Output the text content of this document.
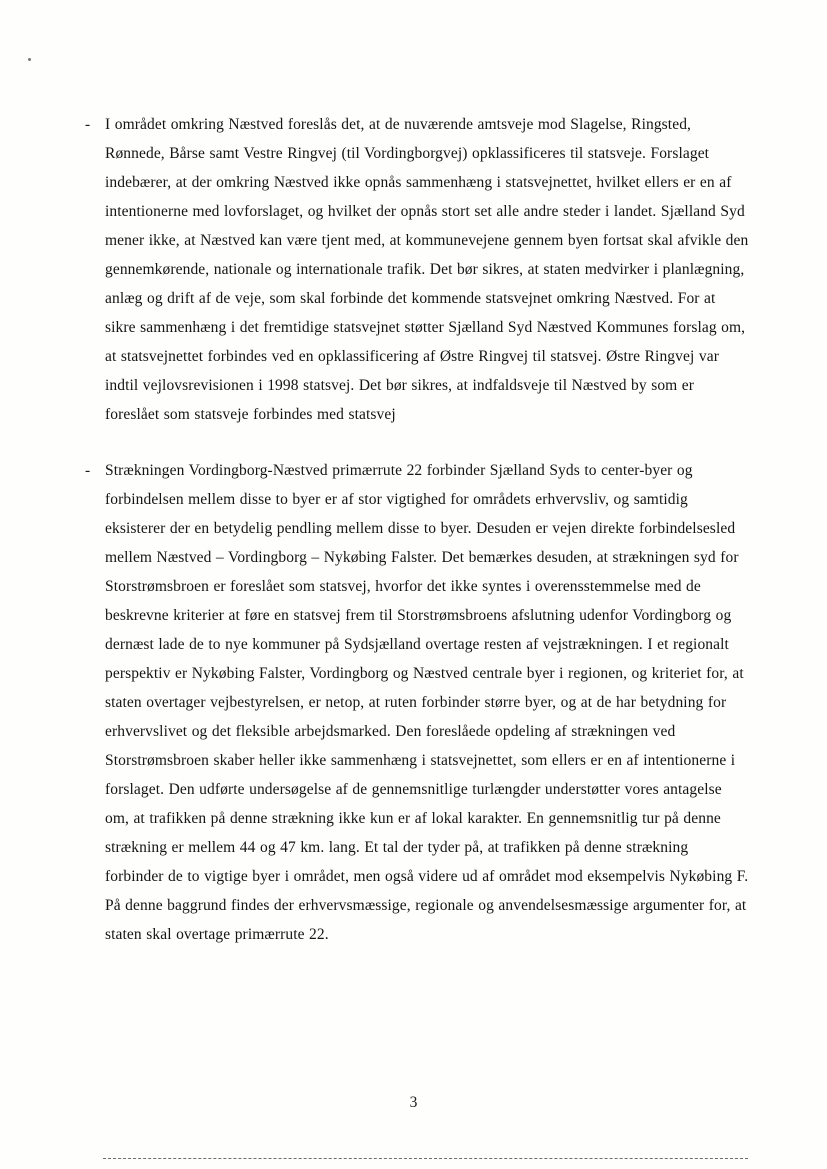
- I området omkring Næstved foreslås det, at de nuværende amtsveje mod Slagelse, Ringsted, Rønnede, Bårse samt Vestre Ringvej (til Vordingborgvej) opklassificeres til statsveje. Forslaget indebærer, at der omkring Næstved ikke opnås sammenhæng i statsvejnettet, hvilket ellers er en af intentionerne med lovforslaget, og hvilket der opnås stort set alle andre steder i landet. Sjælland Syd mener ikke, at Næstved kan være tjent med, at kommunevejene gennem byen fortsat skal afvikle den gennemkørende, nationale og internationale trafik. Det bør sikres, at staten medvirker i planlægning, anlæg og drift af de veje, som skal forbinde det kommende statsvejnet omkring Næstved. For at sikre sammenhæng i det fremtidige statsvejnet støtter Sjælland Syd Næstved Kommunes forslag om, at statsvejnettet forbindes ved en opklassificering af Østre Ringvej til statsvej. Østre Ringvej var indtil vejlovsrevisionen i 1998 statsvej. Det bør sikres, at indfaldsveje til Næstved by som er foreslået som statsveje forbindes med statsvej

- Strækningen Vordingborg-Næstved primærrute 22 forbinder Sjælland Syds to center-byer og forbindelsen mellem disse to byer er af stor vigtighed for områdets erhvervsliv, og samtidig eksisterer der en betydelig pendling mellem disse to byer. Desuden er vejen direkte forbindelsesled mellem Næstved – Vordingborg – Nykøbing Falster. Det bemærkes desuden, at strækningen syd for Storstrømsbroen er foreslået som statsvej, hvorfor det ikke syntes i overensstemmelse med de beskrevne kriterier at føre en statsvej frem til Storstrømsbroens afslutning udenfor Vordingborg og dernæst lade de to nye kommuner på Sydsjælland overtage resten af vejstrækningen. I et regionalt perspektiv er Nykøbing Falster, Vordingborg og Næstved centrale byer i regionen, og kriteriet for, at staten overtager vejbestyrelsen, er netop, at ruten forbinder større byer, og at de har betydning for erhvervslivet og det fleksible arbejdsmarked. Den foreslåede opdeling af strækningen ved Storstrømsbroen skaber heller ikke sammenhæng i statsvejnettet, som ellers er en af intentionerne i forslaget. Den udførte undersøgelse af de gennemsnitlige turlængder understøtter vores antagelse om, at trafikken på denne strækning ikke kun er af lokal karakter. En gennemsnitlig tur på denne strækning er mellem 44 og 47 km. lang. Et tal der tyder på, at trafikken på denne strækning forbinder de to vigtige byer i området, men også videre ud af området mod eksempelvis Nykøbing F. På denne baggrund findes der erhvervsmæssige, regionale og anvendelsesmæssige argumenter for, at staten skal overtage primærrute 22.

3
